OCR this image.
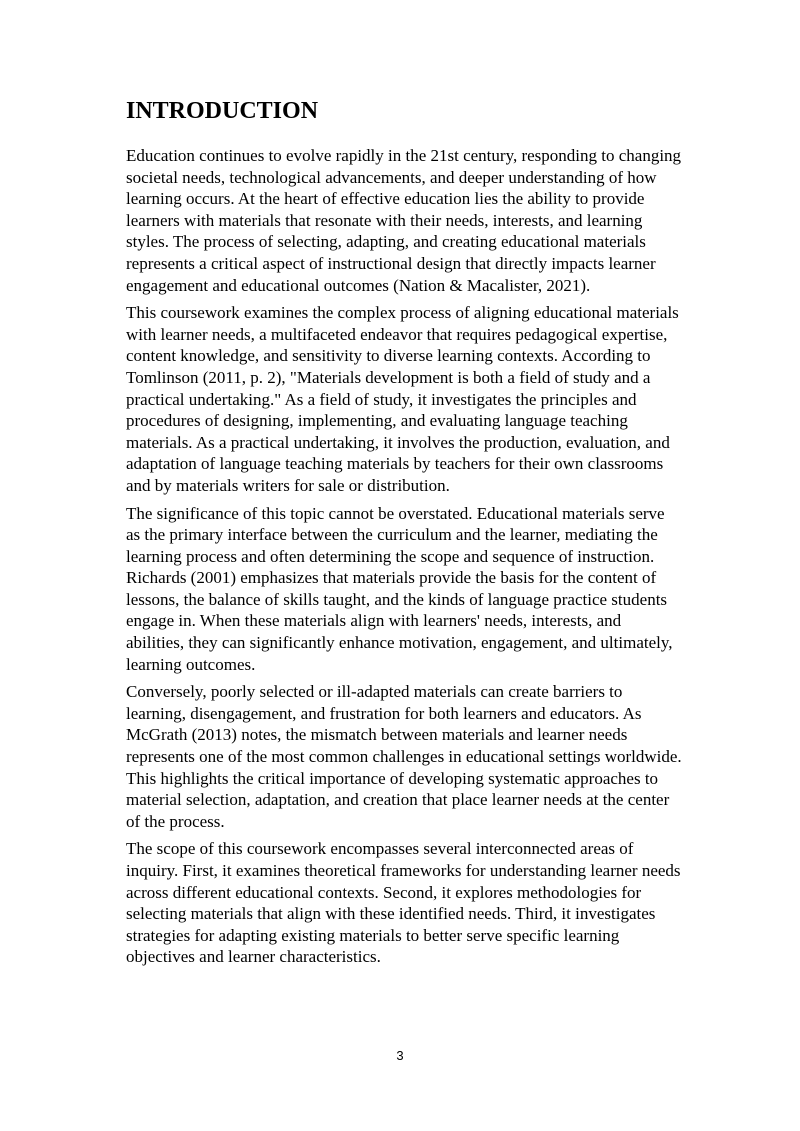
INTRODUCTION

Education continues to evolve rapidly in the 21st century, responding to changing societal needs, technological advancements, and deeper understanding of how learning occurs. At the heart of effective education lies the ability to provide learners with materials that resonate with their needs, interests, and learning styles. The process of selecting, adapting, and creating educational materials represents a critical aspect of instructional design that directly impacts learner engagement and educational outcomes (Nation & Macalister, 2021).

This coursework examines the complex process of aligning educational materials with learner needs, a multifaceted endeavor that requires pedagogical expertise, content knowledge, and sensitivity to diverse learning contexts. According to Tomlinson (2011, p. 2), "Materials development is both a field of study and a practical undertaking." As a field of study, it investigates the principles and procedures of designing, implementing, and evaluating language teaching materials. As a practical undertaking, it involves the production, evaluation, and adaptation of language teaching materials by teachers for their own classrooms and by materials writers for sale or distribution.

The significance of this topic cannot be overstated. Educational materials serve as the primary interface between the curriculum and the learner, mediating the learning process and often determining the scope and sequence of instruction. Richards (2001) emphasizes that materials provide the basis for the content of lessons, the balance of skills taught, and the kinds of language practice students engage in. When these materials align with learners' needs, interests, and abilities, they can significantly enhance motivation, engagement, and ultimately, learning outcomes.

Conversely, poorly selected or ill-adapted materials can create barriers to learning, disengagement, and frustration for both learners and educators. As McGrath (2013) notes, the mismatch between materials and learner needs represents one of the most common challenges in educational settings worldwide. This highlights the critical importance of developing systematic approaches to material selection, adaptation, and creation that place learner needs at the center of the process.

The scope of this coursework encompasses several interconnected areas of inquiry. First, it examines theoretical frameworks for understanding learner needs across different educational contexts. Second, it explores methodologies for selecting materials that align with these identified needs. Third, it investigates strategies for adapting existing materials to better serve specific learning objectives and learner characteristics.

3
